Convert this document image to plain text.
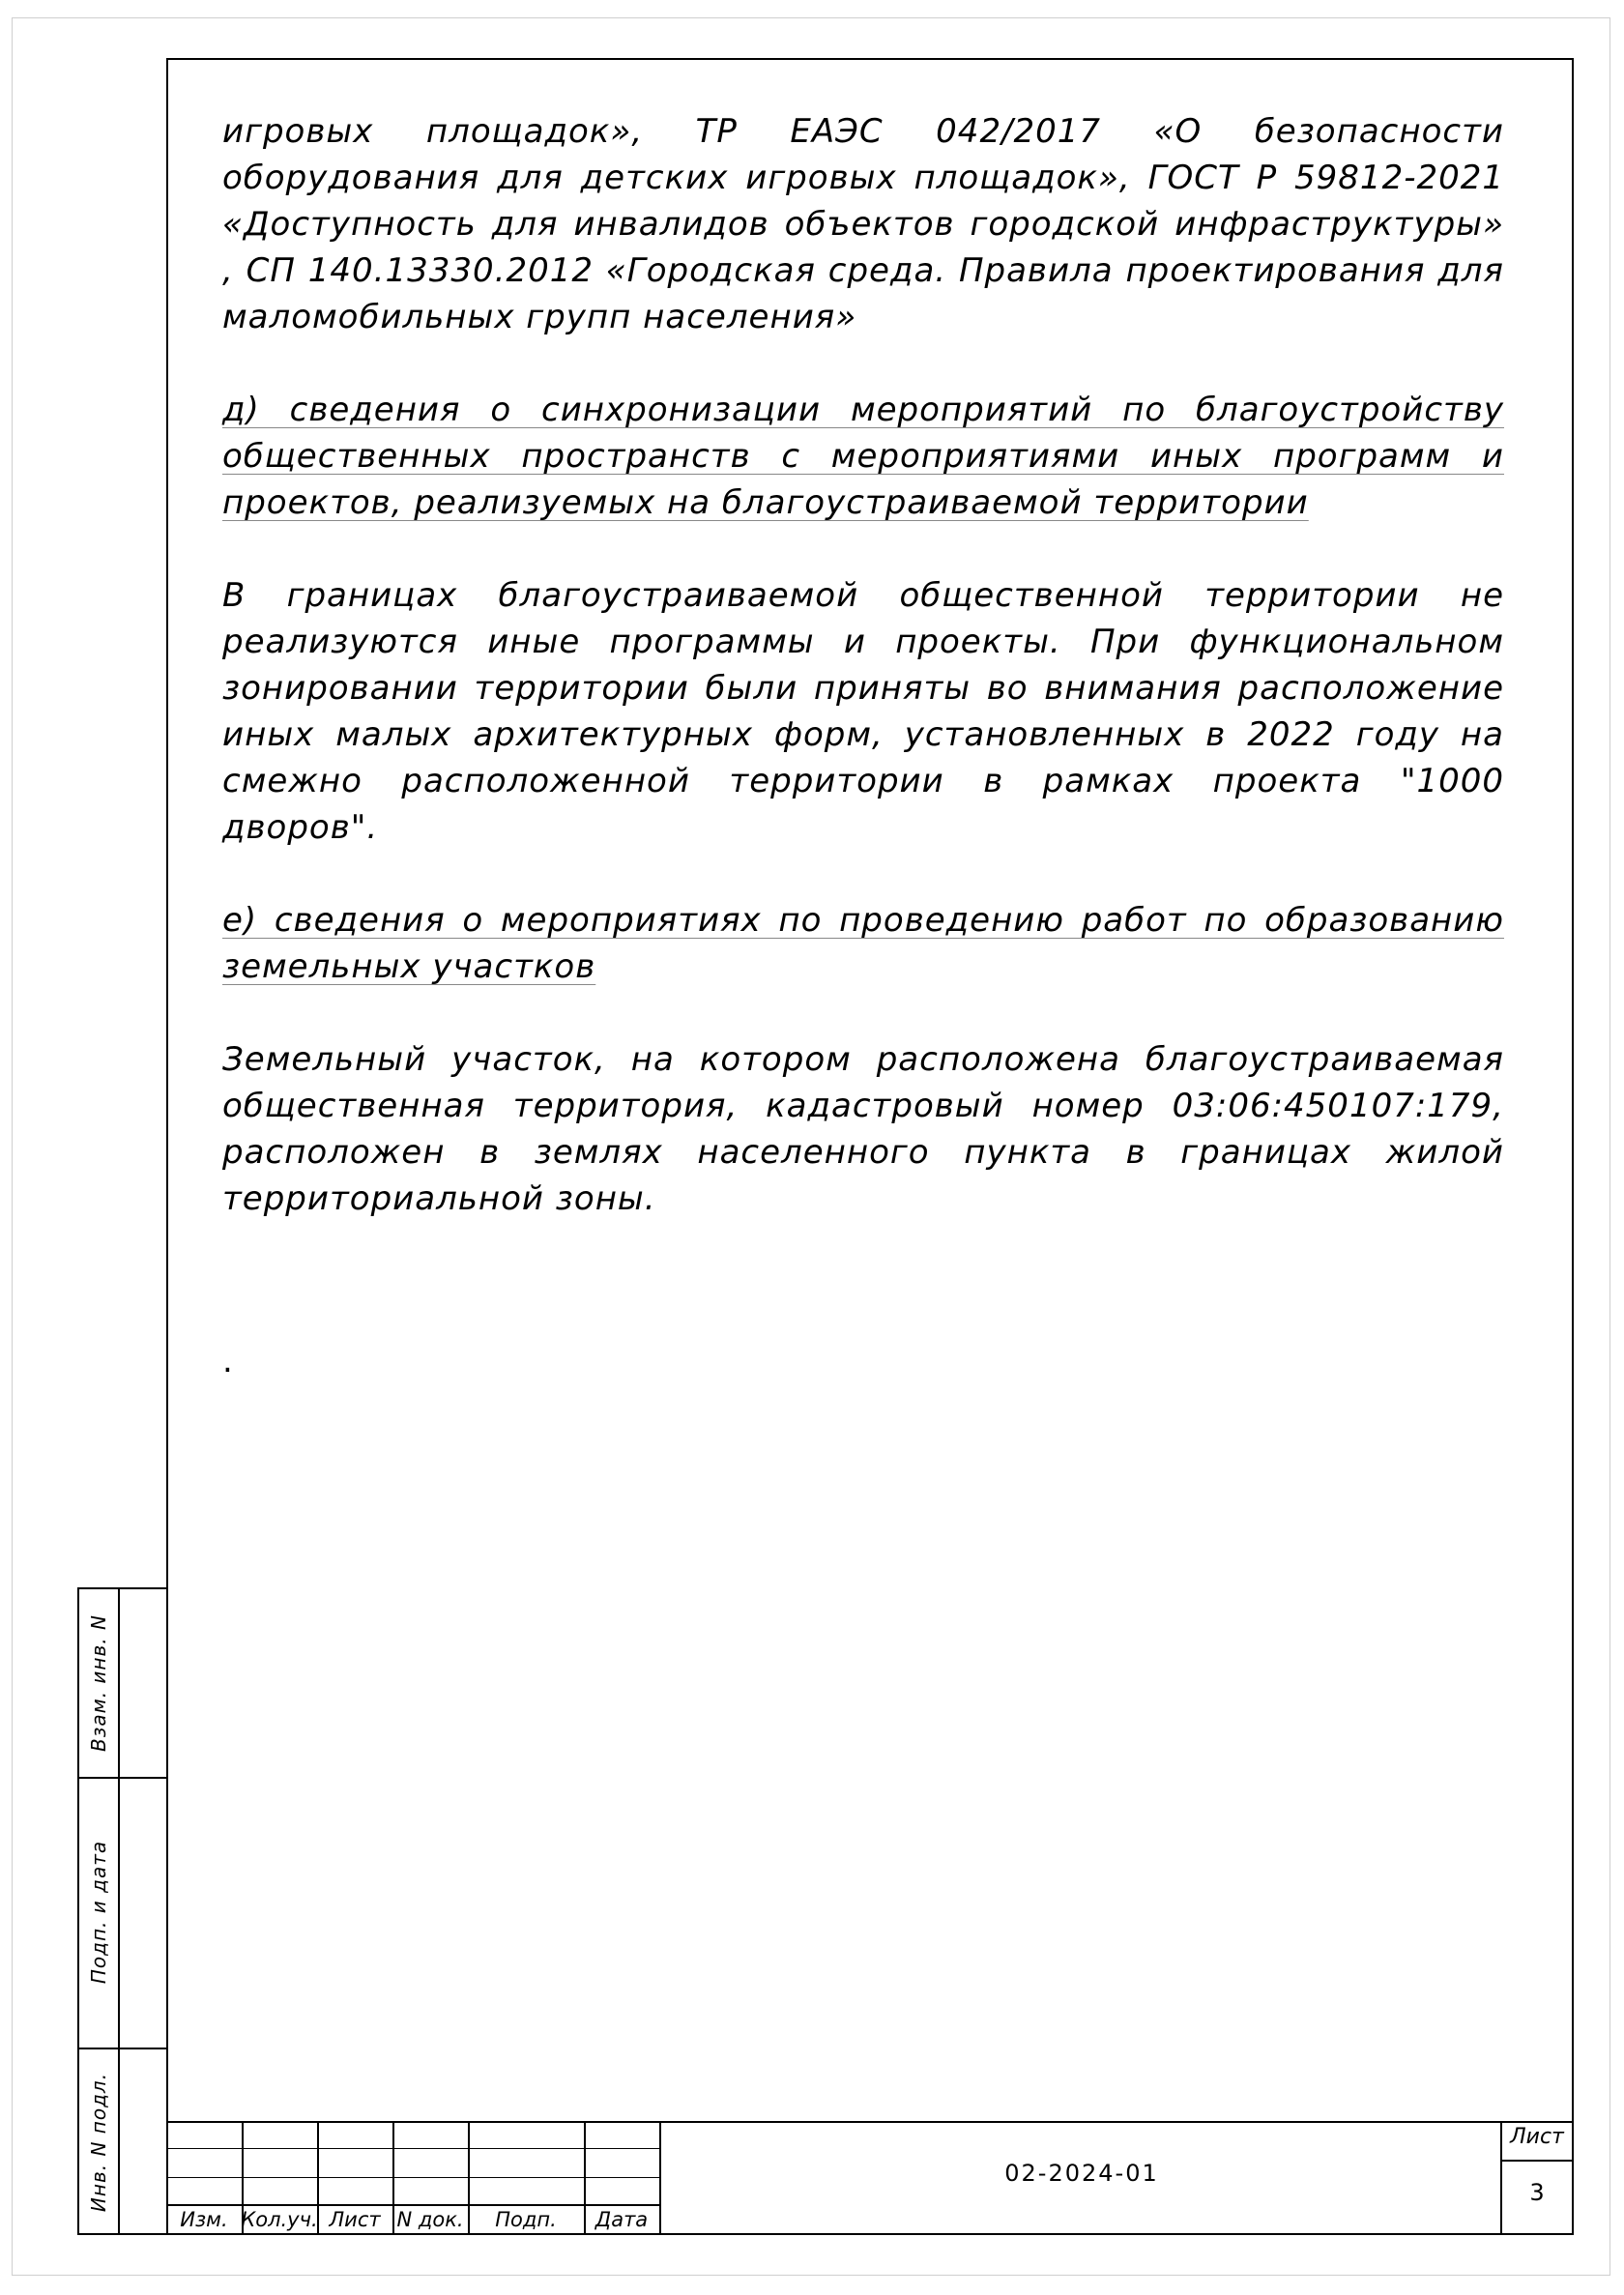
игровых площадок», ТР ЕАЭС 042/2017 «О безопасности оборудования для детских игровых площадок», ГОСТ Р 59812-2021 «Доступность для инвалидов объектов городской инфраструктуры» , СП 140.13330.2012 «Городская среда. Правила проектирования для маломобильных групп населения»

д) сведения о синхронизации мероприятий по благоустройству общественных пространств с мероприятиями иных программ и проектов, реализуемых на благоустраиваемой территории

В границах благоустраиваемой общественной территории не реализуются иные программы и проекты. При функциональном зонировании территории были приняты во внимания расположение иных малых архитектурных форм, установленных в 2022 году на смежно расположенной территории в рамках проекта "1000 дворов".

е) сведения о мероприятиях по проведению работ по образованию земельных участков

Земельный участок, на котором расположена благоустраиваемая общественная территория, кадастровый номер 03:06:450107:179, расположен в землях населенного пункта в границах жилой территориальной зоны.

.
Взам. инв. N
Подп. и дата
Инв. N подл.
Изм. Кол.уч. Лист N док.	Подп.	Дата
02-2024-01
Лист
3
